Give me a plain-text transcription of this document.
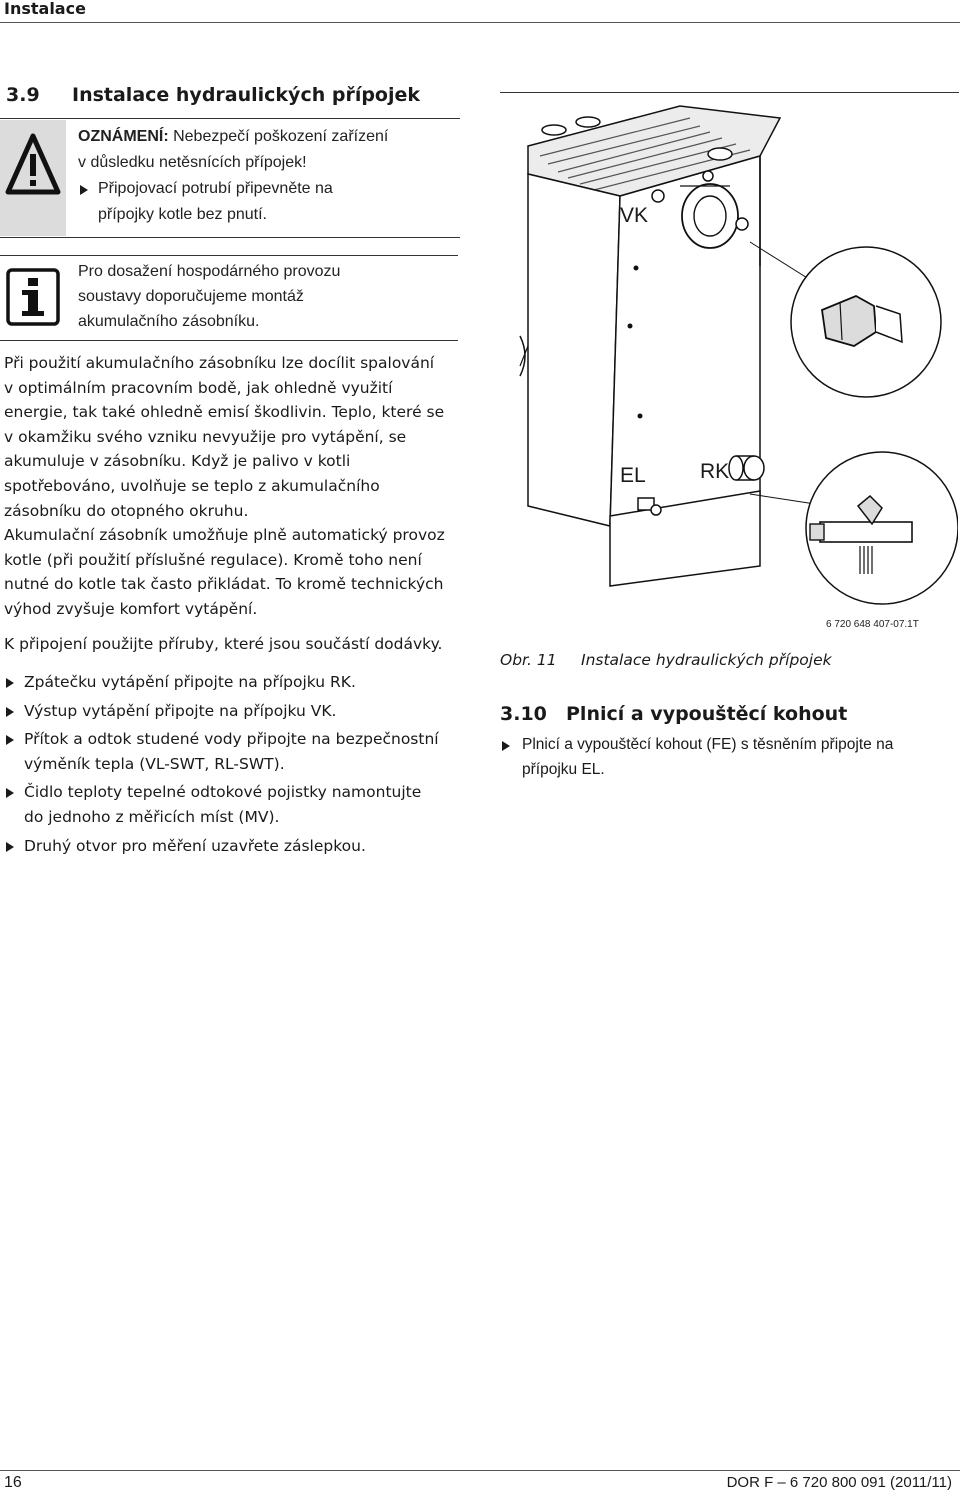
Instalace
3.9 Instalace hydraulických přípojek
OZNÁMENÍ: Nebezpečí poškození zařízení
v důsledku netěsnících přípojek!
Připojovací potrubí připevněte na
přípojky kotle bez pnutí.
Pro dosažení hospodárného provozu
soustavy doporučujeme montáž
akumulačního zásobníku.
Při použití akumulačního zásobníku lze docílit spalování
v optimálním pracovním bodě, jak ohledně využití
energie, tak také ohledně emisí škodlivin. Teplo, které se
v okamžiku svého vzniku nevyužije pro vytápění, se
akumuluje v zásobníku. Když je palivo v kotli
spotřebováno, uvolňuje se teplo z akumulačního
zásobníku do otopného okruhu.
Akumulační zásobník umožňuje plně automatický provoz
kotle (při použití příslušné regulace). Kromě toho není
nutné do kotle tak často přikládat. To kromě technických
výhod zvyšuje komfort vytápění.
K připojení použijte příruby, které jsou součástí dodávky.
Zpátečku vytápění připojte na přípojku RK.
Výstup vytápění připojte na přípojku VK.
Přítok a odtok studené vody připojte na bezpečnostní
výměník tepla (VL-SWT, RL-SWT).
Čidlo teploty tepelné odtokové pojistky namontujte
do jednoho z měřicích míst (MV).
Druhý otvor pro měření uzavřete záslepkou.
VK
EL	RK
6 720 648 407-07.1T
Obr. 11 Instalace hydraulických přípojek
3.10 Plnicí a vypouštěcí kohout
Plnicí a vypouštěcí kohout (FE) s těsněním připojte na
přípojku EL.
16	DOR F – 6 720 800 091 (2011/11)
